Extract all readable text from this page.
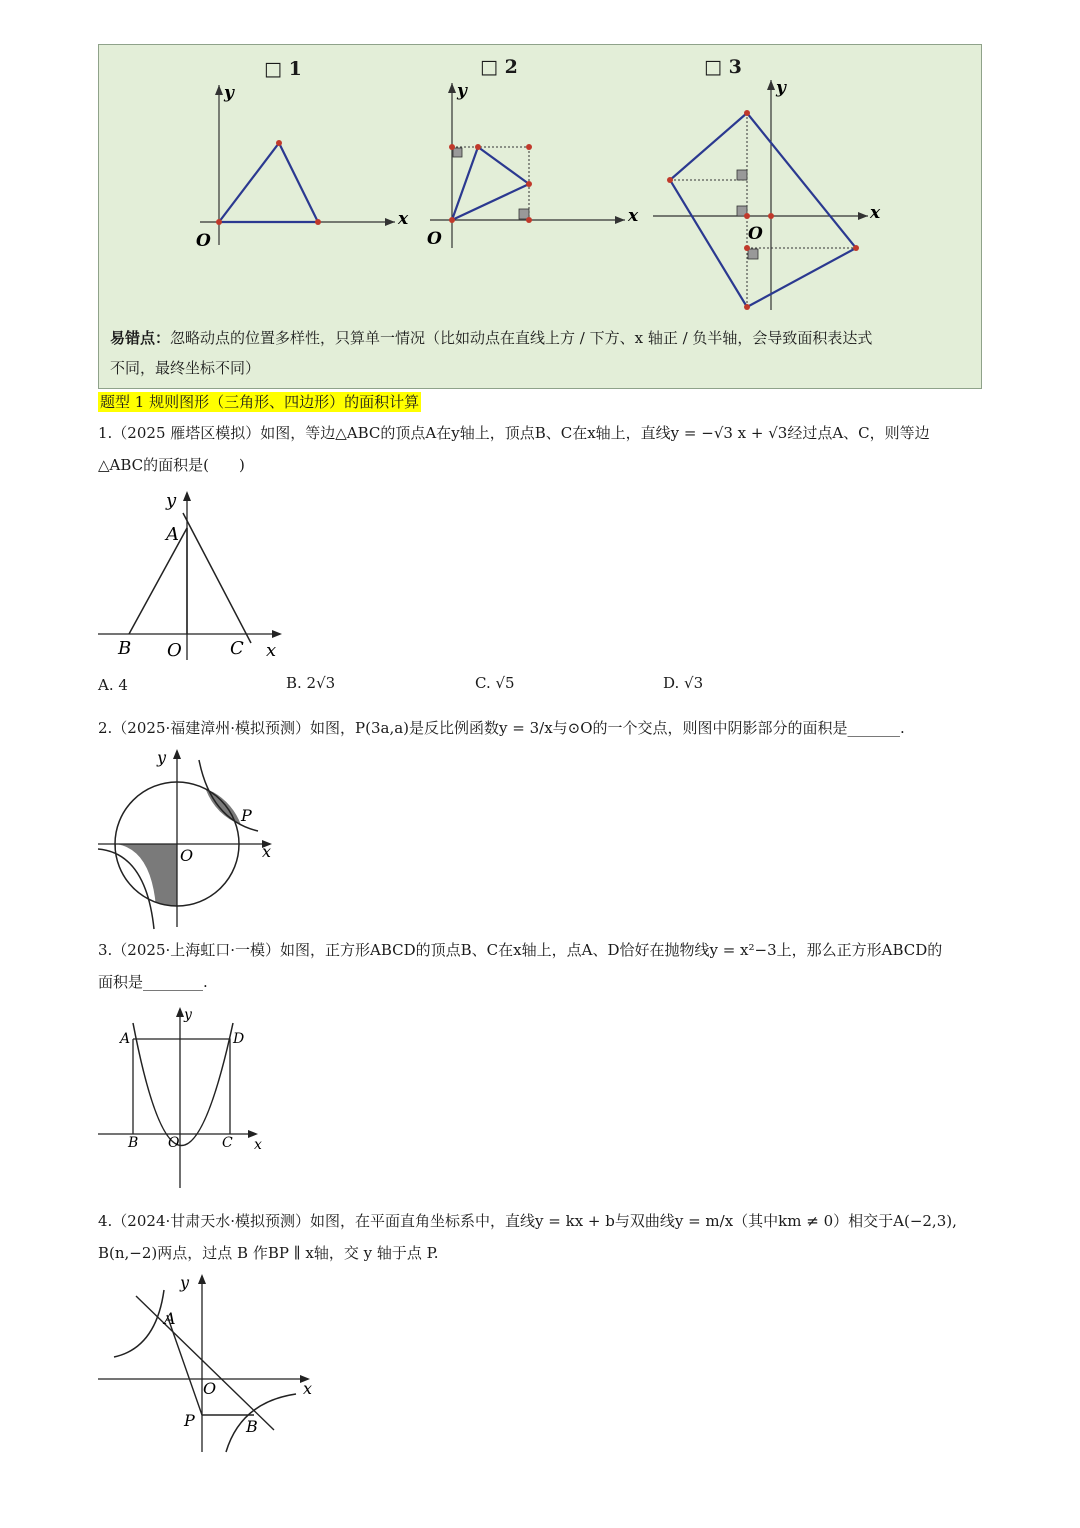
□ 1	□ 2	□ 3
x
y
O
x
y
O
x
y
O
易错点：忽略动点的位置多样性，只算单一情况（比如动点在直线上方 / 下方、x 轴正 / 负半轴，会导致面积表达式
不同，最终坐标不同）
题型 1 规则图形（三角形、四边形）的面积计算
1.（2025 雁塔区模拟）如图，等边△ABC的顶点A在y轴上，顶点B、C在x轴上，直线y = −√3 x + √3经过点A、C，则等边
△ABC的面积是(　　)
y
A
B O	C x
A. 4	B. 2√3	C. √5	D. √3
2.（2025·福建漳州·模拟预测）如图，P(3a,a)是反比例函数y = 3/x与⊙O的一个交点，则图中阴影部分的面积是_______.
y
O	x
P
3.（2025·上海虹口·一模）如图，正方形ABCD的顶点B、C在x轴上，点A、D恰好在抛物线y = x²−3上，那么正方形ABCD的
面积是________.
y
A	D
B O	C x
4.（2024·甘肃天水·模拟预测）如图，在平面直角坐标系中，直线y = kx + b与双曲线y = m/x（其中km ≠ 0）相交于A(−2,3),
B(n,−2)两点，过点 B 作BP ∥ x轴，交 y 轴于点 P.
y
A
O	x
P	B
